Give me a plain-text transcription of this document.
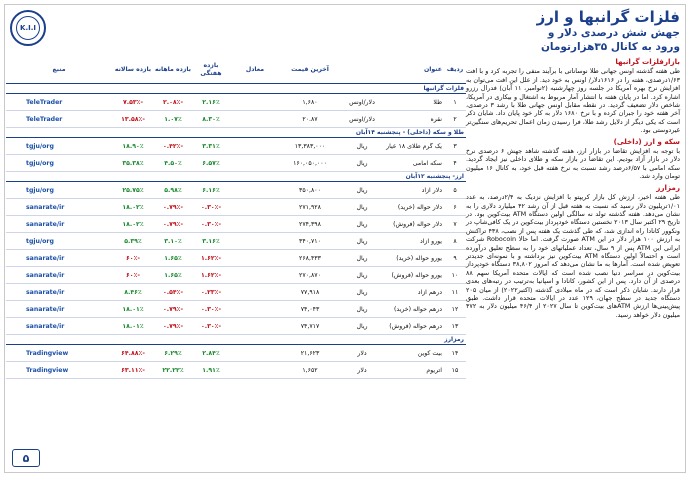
K.I.I
فلزات گرانبها و ارز
جهش شش درصدی دلار و
ورود به کانال ۳۵هزارتومان
ردیف
عنوان
آخرین قیمت
معادل
بازده هفتگی
بازده ماهانه
بازده سالانه
منبع
فلزات گرانبها
۱
طلا
دلار/اونس
۱,۶۸۰
۲.۱۶٪
-۲.۰۸٪
-۷.۵۳٪
TeleTrader
۲
نقره
دلار/اونس
۲۰.۸۷
۸.۳۰٪
۱.۰۷٪
-۱۳.۵۸٪
TeleTrader
طلا و سکه (داخلی) - پنجشنبه ۱۴آبان
۳
یک گرم طلای ۱۸ عیار
ریال
۱۳,۳۸۳,۰۰۰
۳.۳۱٪
-۰.۴۲٪
۱۸.۹۰٪
tgju/org
۴
سکه امامی
ریال
۱۶۰,۰۵۰,۰۰۰
۶.۵۷٪
۴.۵۰٪
۳۵.۳۸٪
tgju/org
ارز- پنجشنبه ۱۲آبان
۵
دلار آزاد
ریال
۳۵۰,۸۰۰
۶.۱۶٪
۵.۹۸٪
۲۵.۷۵٪
tgju/org
۶
دلار حواله (خرید)
ریال
۲۷۱,۹۲۸
-۰.۳۰٪
-۰.۷۹٪
۱۸.۰۲٪
sanarate/ir
۷
دلار حواله (فروش)
ریال
۲۷۴,۳۹۸
-۰.۳۰٪
-۰.۷۹٪
۱۸.۰۲٪
sanarate/ir
۸
یورو آزاد
ریال
۳۴۰,۷۱۰
۳.۱۶٪
۳.۱۰٪
۵.۳۹٪
tgju/org
۹
یورو حواله (خرید)
ریال
۲۶۸,۴۳۳
-۱.۶۲٪
۱.۶۵٪
-۶۰٪
sanarate/ir
۱۰
یورو حواله (فروش)
ریال
۲۷۰,۸۷۰
-۱.۶۲٪
۱.۶۵٪
-۶۰٪
sanarate/ir
۱۱
درهم آزاد
ریال
۷۷,۹۱۸
-۰.۲۳٪
-۰.۵۴٪
۸.۴۶٪
sanarate/ir
۱۲
درهم حواله (خرید)
ریال
۷۴,۰۴۳
-۰.۳۰٪
-۰.۷۹٪
۱۸.۰۱٪
sanarate/ir
۱۳
درهم حواله (فروش)
ریال
۷۴,۷۱۷
-۰.۳۰٪
-۰.۷۹٪
۱۸.۰۱٪
sanarate/ir
رمزارز
۱۴
بیت کوین
دلار
۲۱,۶۲۳
۲.۸۴٪
۶.۲۹٪
-۶۴.۸۸٪
Tradingview
۱۵
اتریوم
دلار
۱,۶۵۲
۱.۹۱٪
۲۲.۲۲٪
-۶۳.۱۱٪
Tradingview
بازارفلزات گرانبها

طی هفته گذشته اونس جهانی طلا نوساناتی با برآیند منفی را تجربه کرد و با افت ۱/۶۳درصدی، هفته را در ۱۶۱۶دلار/ اونس به خود دید. از علل این افت می‌توان به افزایش نرخ بهره آمریکا در جلسه روز چهارشنبه (۲نوامبر، ۱۱ آبان) فدرال رزرو اشاره کرد. اما در پایان هفته با انتشار آمار مربوط به اشتغال و بیکاری در آمریکا، شاخص دلار تضعیف گردید. در نقطه مقابل اونس جهانی طلا با رشد ۳ درصدی، آخر هفته خود را جبران کرده و با نرخ ۱۶۸۰ دلار به کار خود پایان داد. شایان ذکر است که یکی دیگر از دلایل رشد طلا، فرا رسیدن زمان اعمال تحریم‌های سنگین‌تر غیردوستی بود.

سکه و ارز (داخلی)

با توجه به افزایش تقاضا در بازار ارز، هفته گذشته شاهد جهش ۶ درصدی نرخ دلار در بازار آزاد بودیم. این تقاضا در بازار سکه و طلای داخلی نیز ایجاد گردید. سکه امامی با ۶/۵۷درصد رشد نسبت به نرخ هفته قبل خود، به کانال ۱۶ میلیون تومان وارد شد.

رمزارز

طی هفته اخیر، ارزش کل بازار کریپتو با افزایش نزدیک به ۲/۴درصد، به عدد ۱/۰۱تریلیون دلار رسید که نسبت به هفته قبل از آن رشد ۴۲ میلیارد دلاری را به نشان می‌دهد. هفته گذشته تولد نه سالگی اولین دستگاه ATM بیت‌کوین بود. در تاریخ ۲۹ اکتبر سال ۲۰۱۳ نخستین دستگاه خودپرداز بیت‌کوین در یک کافی‌شاپ در ونکوور کانادا راه اندازی شد، که طی گذشت یک هفته پس از نصب، ۴۳۸ تراکنش به ارزش ۱۰۰ هزار دلار در این ATM صورت گرفت. اما حالا Robocoin شرکت ایرانی این ATM پس از ۹ سال، تعداد عملیاتهای خود را به سطح تعلیق درآورده است و احتمالاً اولین دستگاه ATM بیت‌کوین نیز برداشته و با نمونه‌ای جدیدتر تعویض شده است. آمارها به ما نشان می‌دهد که امروز ۳۸,۸۰۲ دستگاه خودپرداز بیت‌کوین در سراسر دنیا نصب شده است که ایالات متحده آمریکا سهم ۸۸ درصدی از آن دارد. پس از این کشور، کانادا و اسپانیا به‌ترتیب در رتبه‌های بعدی قرار دارند. شایان ذکر است که در ماه میلادی گذشته (اکتبر۲۰۲۲) از میان ۲۰۵ دستگاه جدید در سطح جهان، ۱۲۹ عدد در ایالات متحده قرار داشت. طبق پیش‌بینی‌ها ارزش ATMهای بیت‌کوین تا سال ۲۰۲۷ از ۴۶/۴ میلیون دلار به ۴۷۲ میلیون دلار خواهد رسید.

۵
